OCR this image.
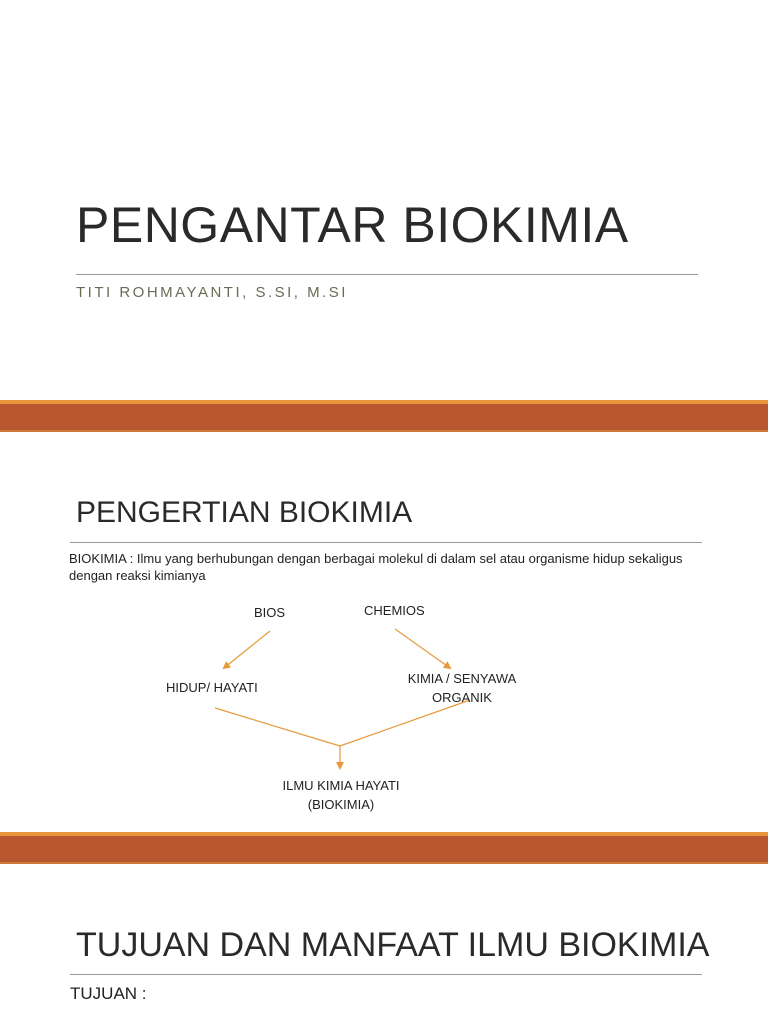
PENGANTAR BIOKIMIA

TITI ROHMAYANTI, S.SI, M.SI

PENGERTIAN BIOKIMIA

BIOKIMIA : Ilmu yang berhubungan dengan berbagai molekul di dalam sel atau organisme hidup sekaligus dengan reaksi kimianya

BIOS	CHEMIOS
HIDUP/ HAYATI
KIMIA / SENYAWA
ORGANIK
ILMU KIMIA HAYATI
(BIOKIMIA)
TUJUAN DAN MANFAAT ILMU BIOKIMIA

TUJUAN :
